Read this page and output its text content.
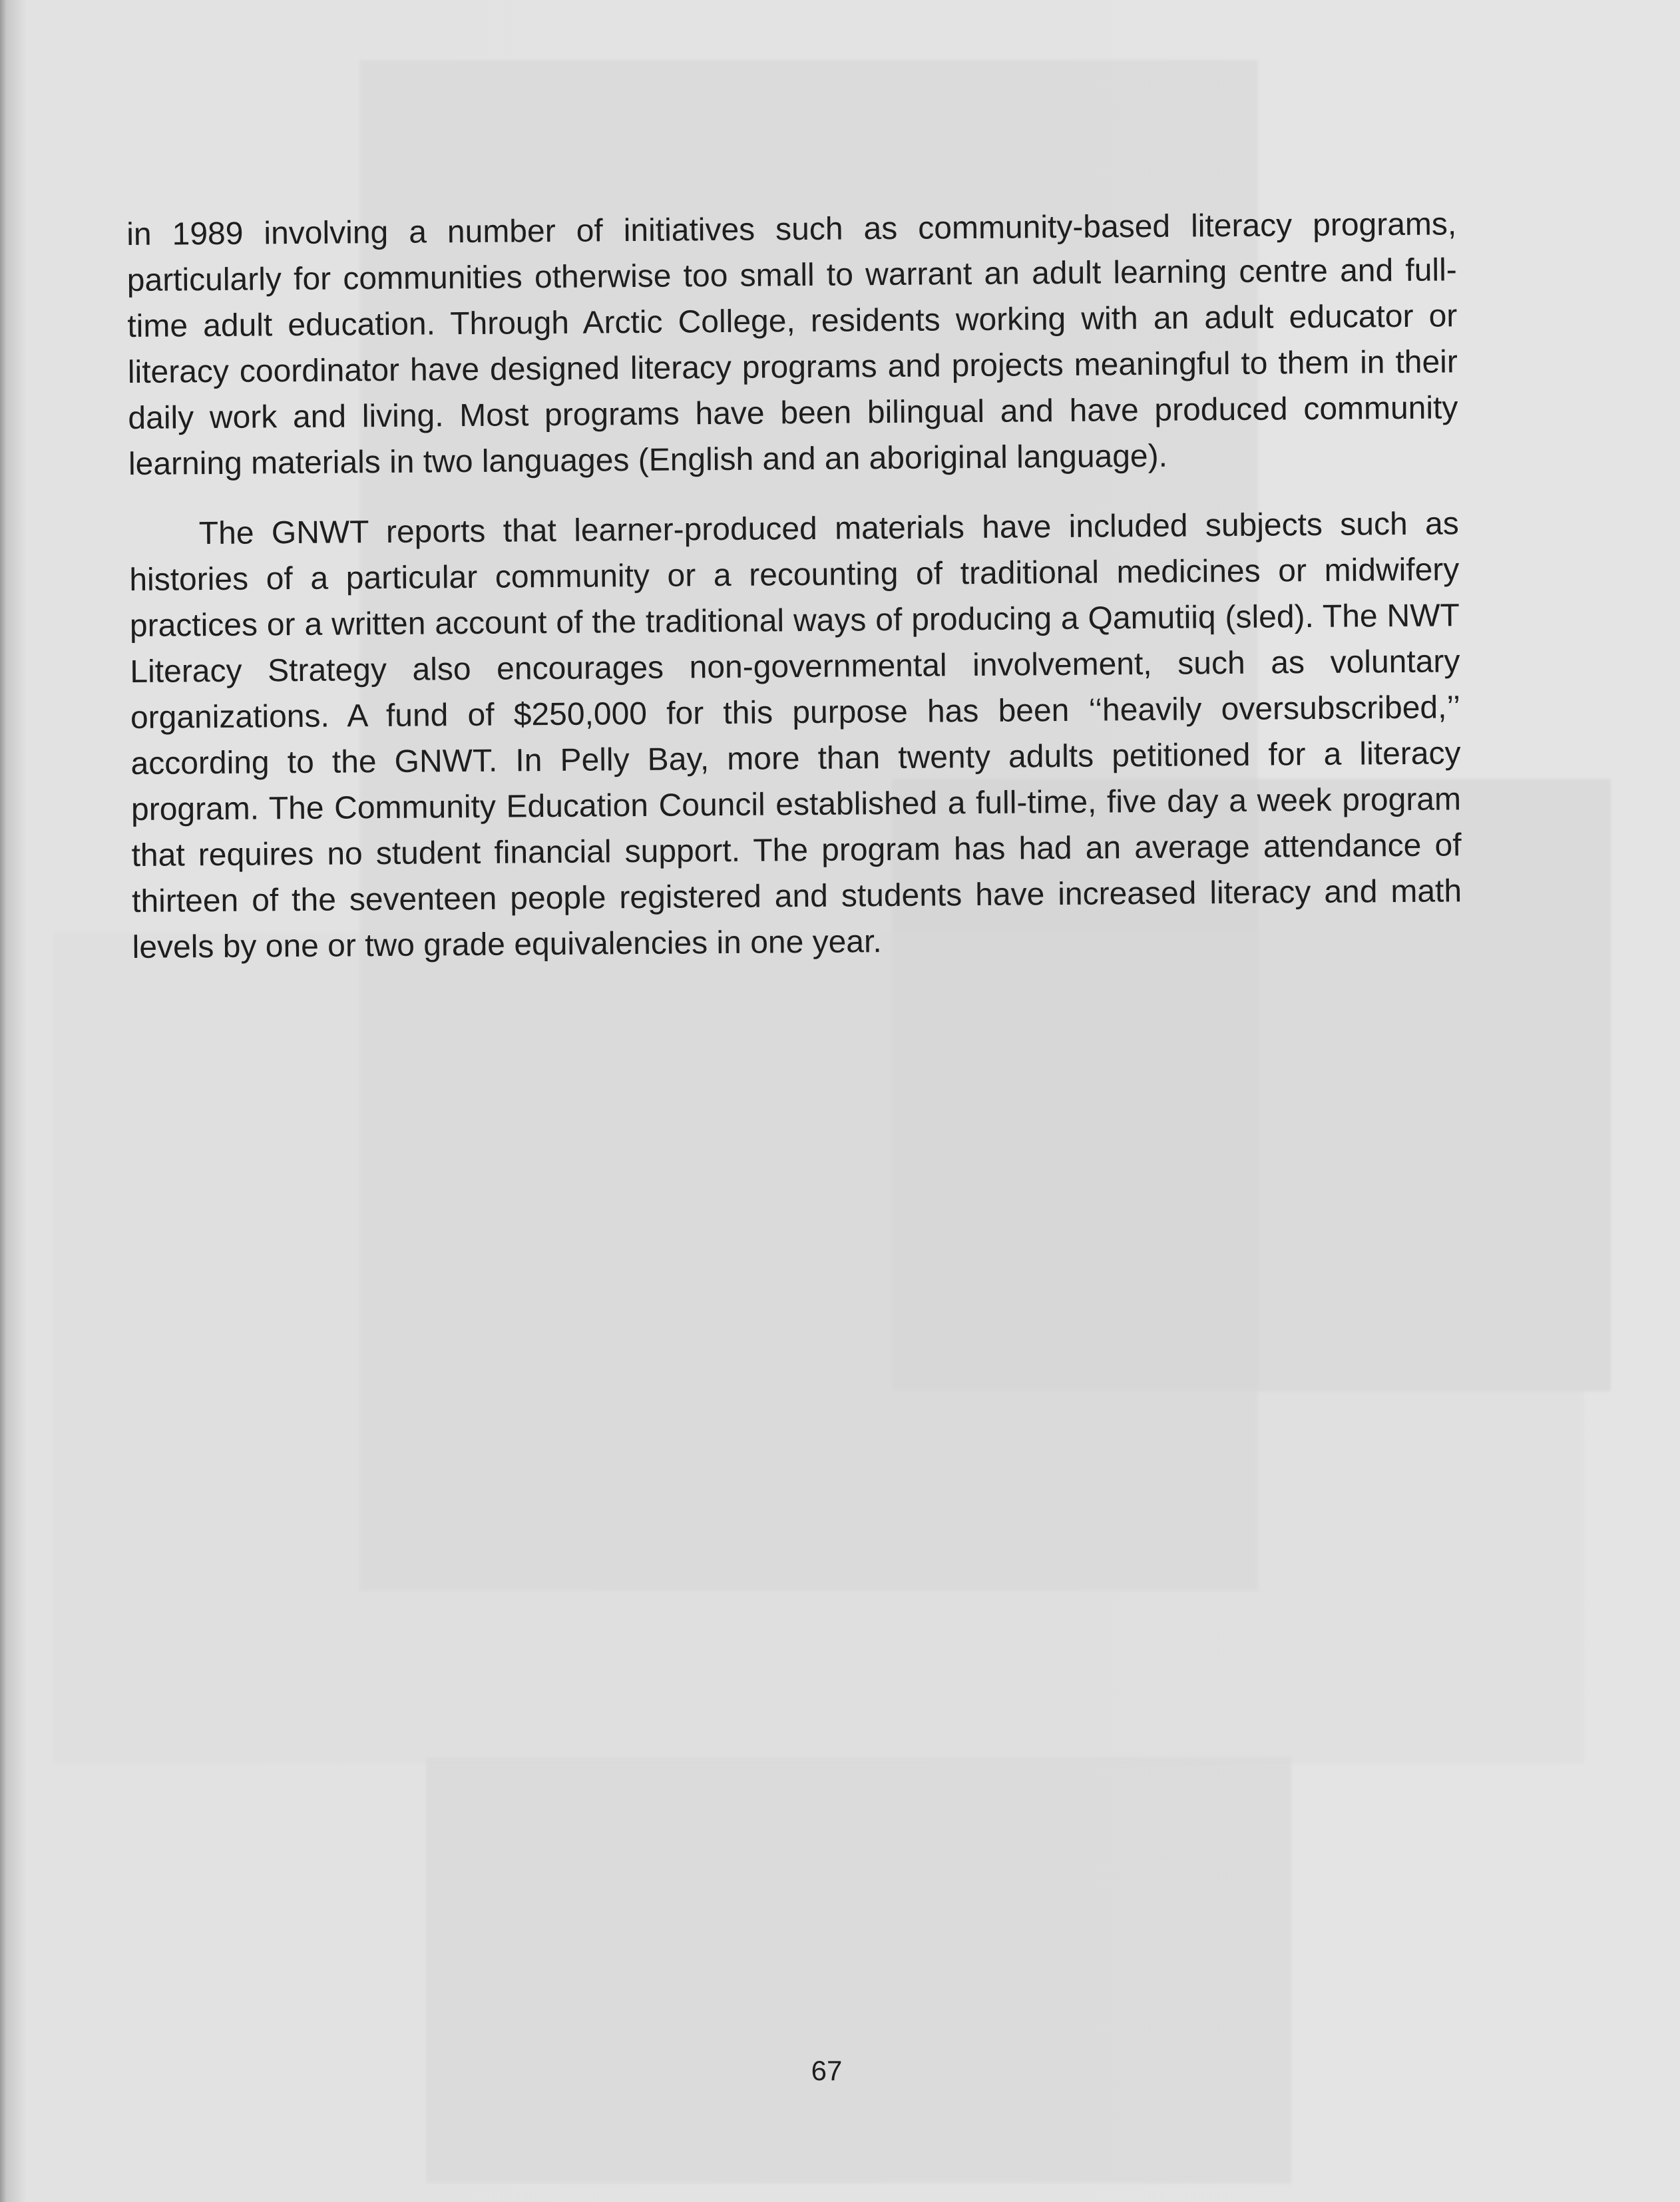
in 1989 involving a number of initiatives such as community-based literacy programs, particularly for communities otherwise too small to warrant an adult learning centre and full-time adult education. Through Arctic College, residents working with an adult educator or literacy coordinator have designed literacy programs and projects meaningful to them in their daily work and living. Most programs have been bilingual and have produced community learning materials in two languages (English and an aboriginal language).

The GNWT reports that learner-produced materials have included subjects such as histories of a particular community or a recounting of traditional medicines or midwifery practices or a written account of the traditional ways of producing a Qamutiiq (sled). The NWT Literacy Strategy also encourages non-governmental involvement, such as voluntary organizations. A fund of $250,000 for this purpose has been ‘‘heavily oversubscribed,’’ according to the GNWT. In Pelly Bay, more than twenty adults petitioned for a literacy program. The Community Education Council established a full-time, five day a week program that requires no student financial support. The program has had an average attendance of thirteen of the seventeen people registered and students have increased literacy and math levels by one or two grade equivalencies in one year.

67
